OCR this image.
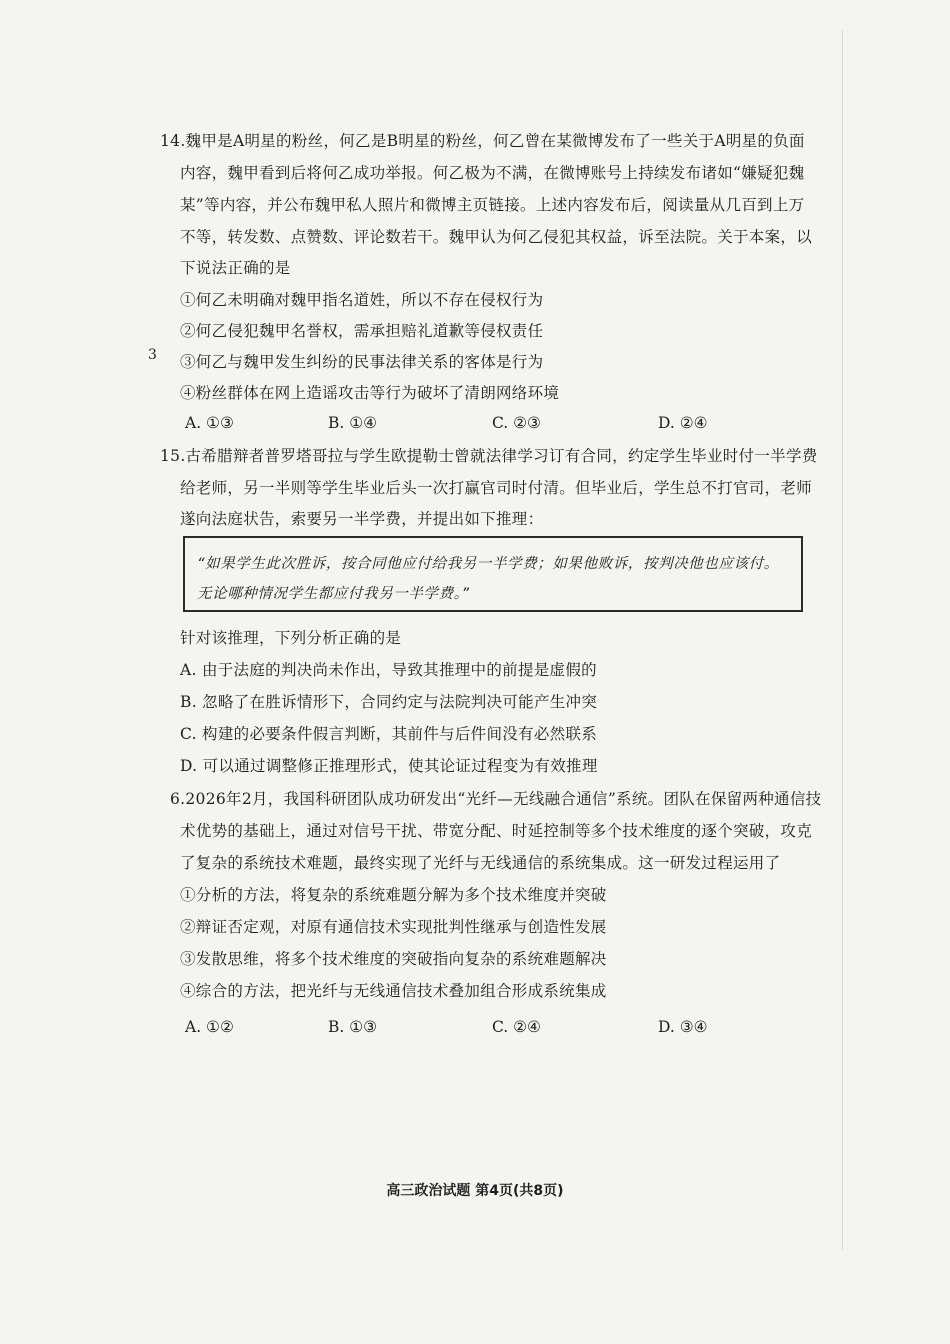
14.魏甲是A明星的粉丝，何乙是B明星的粉丝，何乙曾在某微博发布了一些关于A明星的负面
内容，魏甲看到后将何乙成功举报。何乙极为不满，在微博账号上持续发布诸如“嫌疑犯魏
某”等内容，并公布魏甲私人照片和微博主页链接。上述内容发布后，阅读量从几百到上万
不等，转发数、点赞数、评论数若干。魏甲认为何乙侵犯其权益，诉至法院。关于本案，以
下说法正确的是
①何乙未明确对魏甲指名道姓，所以不存在侵权行为
②何乙侵犯魏甲名誉权，需承担赔礼道歉等侵权责任
3 ③何乙与魏甲发生纠纷的民事法律关系的客体是行为
④粉丝群体在网上造谣攻击等行为破坏了清朗网络环境
A. ①③	B. ①④	C. ②③	D. ②④
15.古希腊辩者普罗塔哥拉与学生欧提勒士曾就法律学习订有合同，约定学生毕业时付一半学费
给老师，另一半则等学生毕业后头一次打赢官司时付清。但毕业后，学生总不打官司，老师
遂向法庭状告，索要另一半学费，并提出如下推理：
“如果学生此次胜诉，按合同他应付给我另一半学费；如果他败诉，按判决他也应该付。
无论哪种情况学生都应付我另一半学费。”
针对该推理，下列分析正确的是
A. 由于法庭的判决尚未作出，导致其推理中的前提是虚假的
B. 忽略了在胜诉情形下，合同约定与法院判决可能产生冲突
C. 构建的必要条件假言判断，其前件与后件间没有必然联系
D. 可以通过调整修正推理形式，使其论证过程变为有效推理
6.2026年2月，我国科研团队成功研发出“光纤—无线融合通信”系统。团队在保留两种通信技
术优势的基础上，通过对信号干扰、带宽分配、时延控制等多个技术维度的逐个突破，攻克
了复杂的系统技术难题，最终实现了光纤与无线通信的系统集成。这一研发过程运用了
①分析的方法，将复杂的系统难题分解为多个技术维度并突破
②辩证否定观，对原有通信技术实现批判性继承与创造性发展
③发散思维，将多个技术维度的突破指向复杂的系统难题解决
④综合的方法，把光纤与无线通信技术叠加组合形成系统集成
A. ①②	B. ①③	C. ②④	D. ③④
高三政治试题 第4页(共8页)
